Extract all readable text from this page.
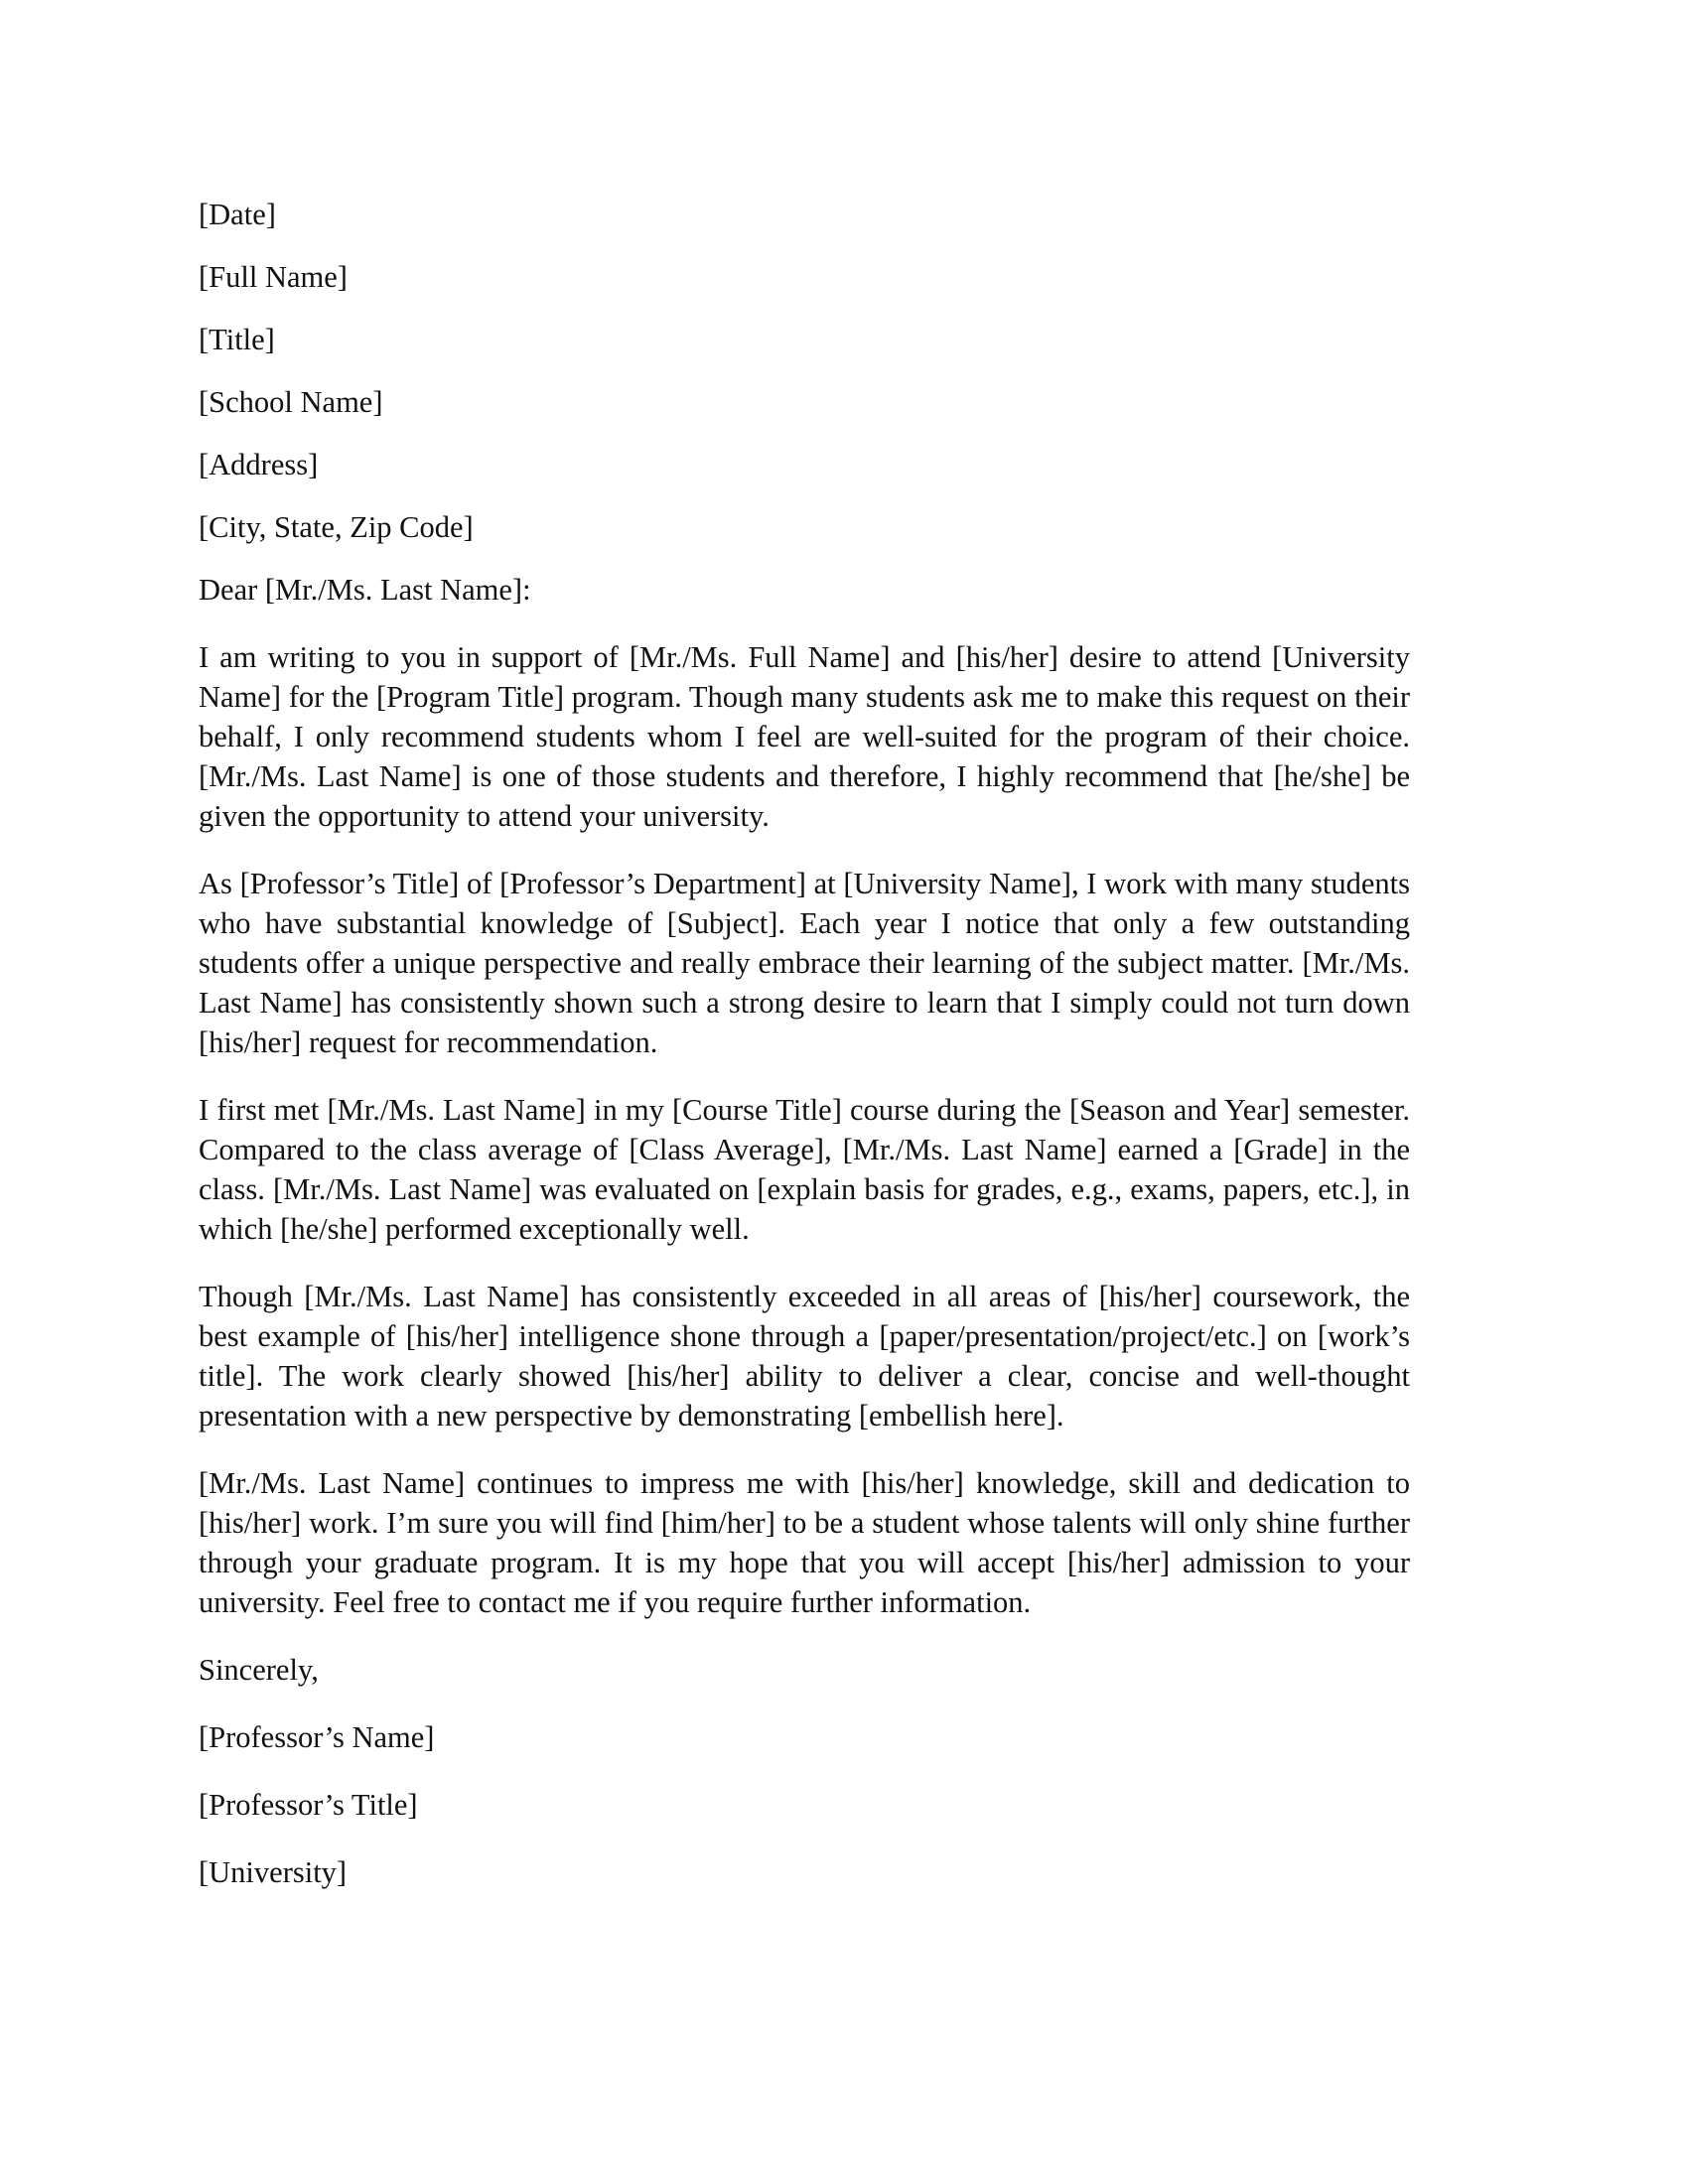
[Date]

[Full Name]

[Title]

[School Name]

[Address]

[City, State, Zip Code]

Dear [Mr./Ms. Last Name]:

I am writing to you in support of [Mr./Ms. Full Name] and [his/her] desire to attend [University Name] for the [Program Title] program. Though many students ask me to make this request on their behalf, I only recommend students whom I feel are well-suited for the program of their choice. [Mr./Ms. Last Name] is one of those students and therefore, I highly recommend that [he/she] be given the opportunity to attend your university.

As [Professor’s Title] of [Professor’s Department] at [University Name], I work with many students who have substantial knowledge of [Subject]. Each year I notice that only a few outstanding students offer a unique perspective and really embrace their learning of the subject matter. [Mr./Ms. Last Name] has consistently shown such a strong desire to learn that I simply could not turn down [his/her] request for recommendation.

I first met [Mr./Ms. Last Name] in my [Course Title] course during the [Season and Year] semester. Compared to the class average of [Class Average], [Mr./Ms. Last Name] earned a [Grade] in the class. [Mr./Ms. Last Name] was evaluated on [explain basis for grades, e.g., exams, papers, etc.], in which [he/she] performed exceptionally well.

Though [Mr./Ms. Last Name] has consistently exceeded in all areas of [his/her] coursework, the best example of [his/her] intelligence shone through a [paper/presentation/project/etc.] on [work’s title]. The work clearly showed [his/her] ability to deliver a clear, concise and well-thought presentation with a new perspective by demonstrating [embellish here].

[Mr./Ms. Last Name] continues to impress me with [his/her] knowledge, skill and dedication to [his/her] work. I’m sure you will find [him/her] to be a student whose talents will only shine further through your graduate program. It is my hope that you will accept [his/her] admission to your university. Feel free to contact me if you require further information.

Sincerely,

[Professor’s Name]

[Professor’s Title]

[University]
